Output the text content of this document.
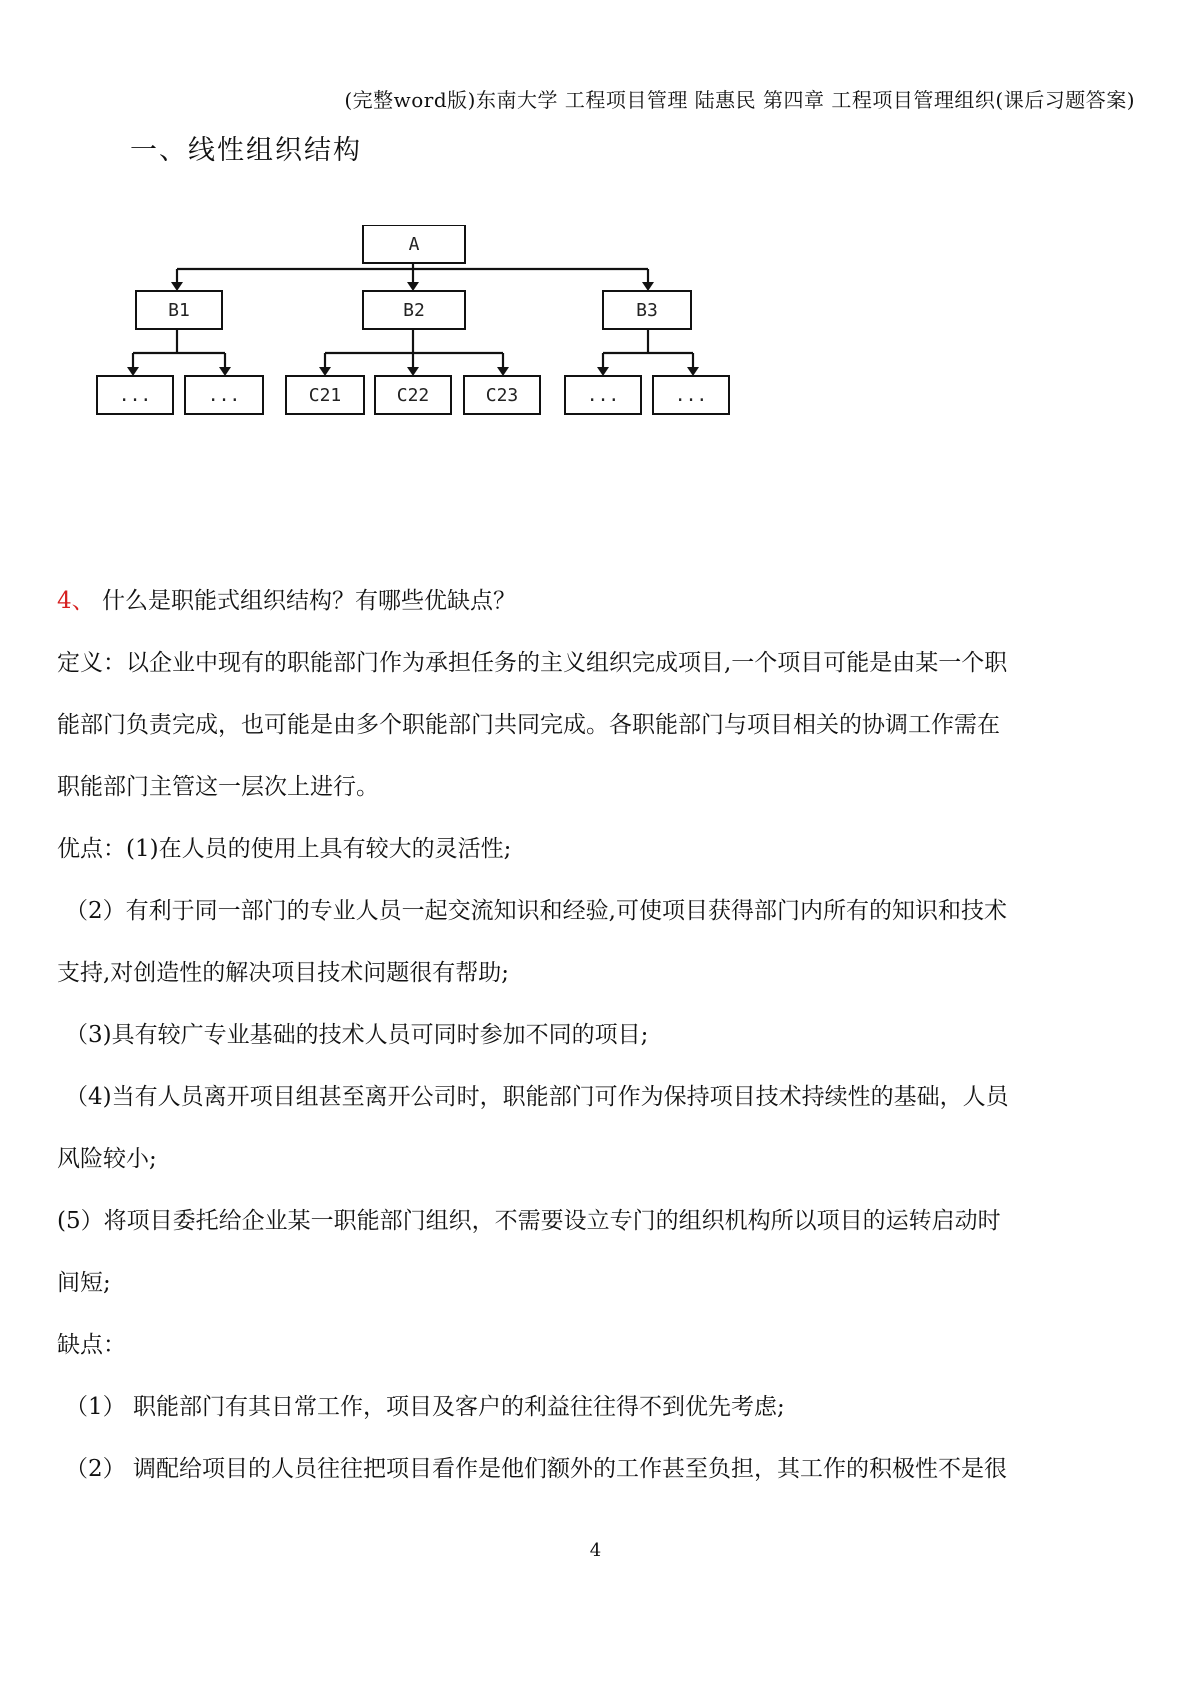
(完整word版)东南大学 工程项目管理 陆惠民 第四章 工程项目管理组织(课后习题答案)
一、线性组织结构
A
B1	B2	B3
...	...	C21	C22	C23	...	...
4、 什么是职能式组织结构？有哪些优缺点？
定义：以企业中现有的职能部门作为承担任务的主义组织完成项目,一个项目可能是由某一个职
能部门负责完成，也可能是由多个职能部门共同完成。各职能部门与项目相关的协调工作需在
职能部门主管这一层次上进行。
优点：(1)在人员的使用上具有较大的灵活性;
（2）有利于同一部门的专业人员一起交流知识和经验,可使项目获得部门内所有的知识和技术
支持,对创造性的解决项目技术问题很有帮助;
（3)具有较广专业基础的技术人员可同时参加不同的项目;
（4)当有人员离开项目组甚至离开公司时，职能部门可作为保持项目技术持续性的基础，人员
风险较小;
(5）将项目委托给企业某一职能部门组织，不需要设立专门的组织机构所以项目的运转启动时
间短;
缺点：
（1） 职能部门有其日常工作，项目及客户的利益往往得不到优先考虑;
（2） 调配给项目的人员往往把项目看作是他们额外的工作甚至负担，其工作的积极性不是很
4
